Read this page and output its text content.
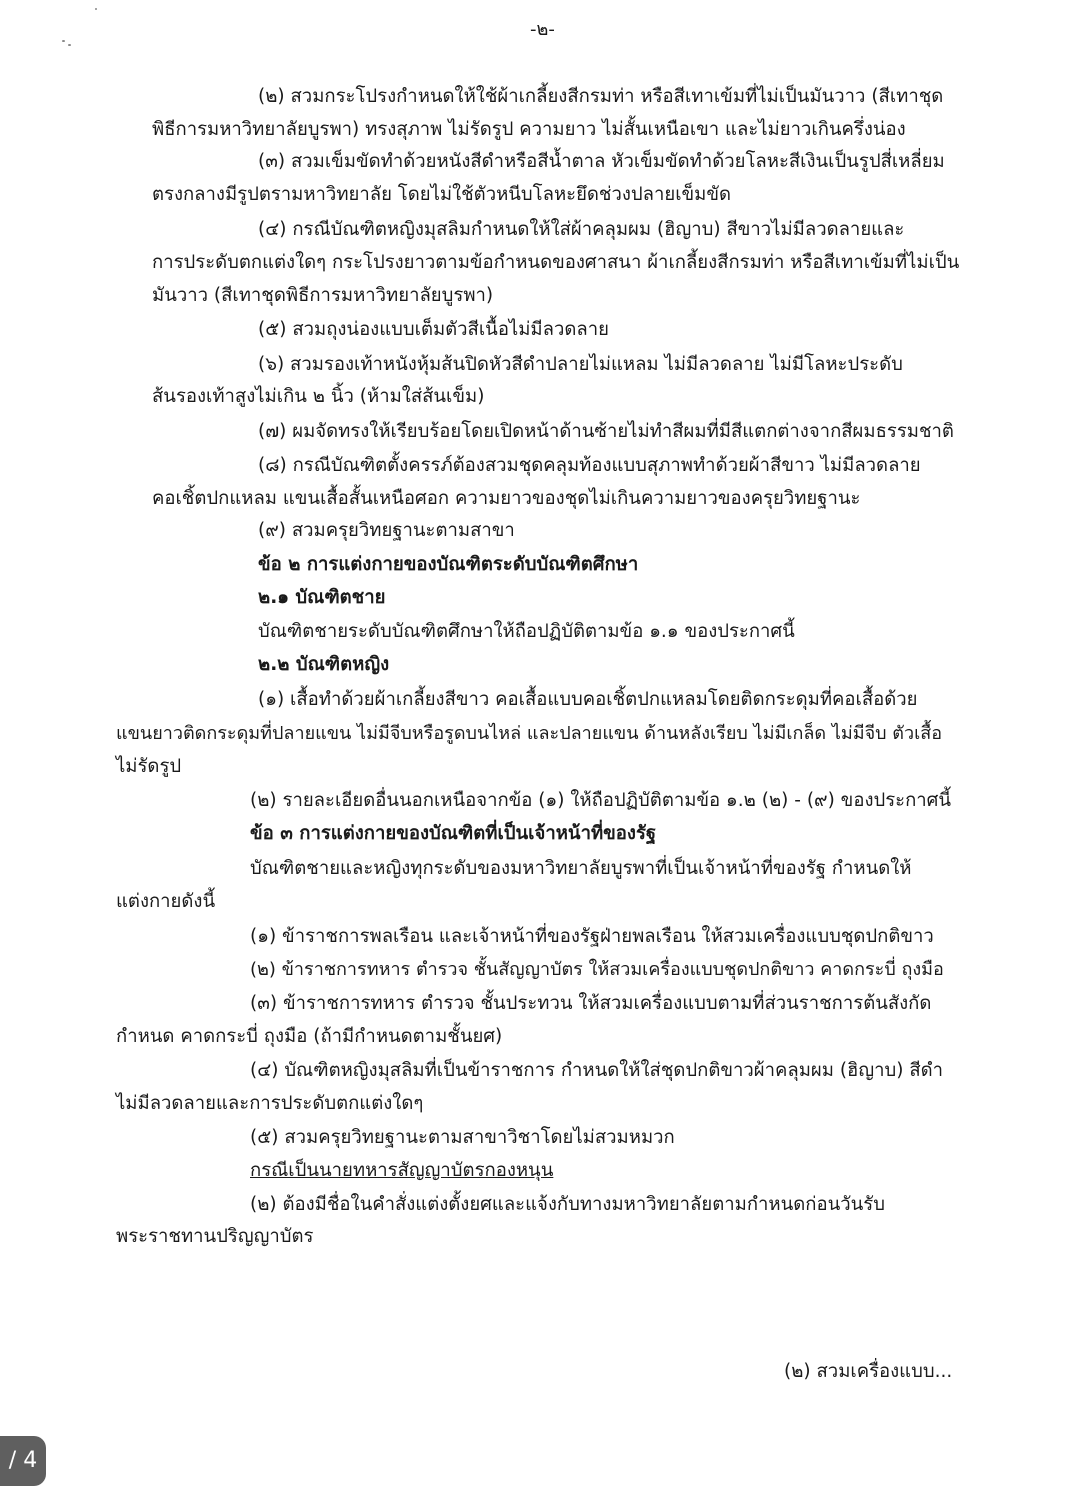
-๒-
(๒) สวมกระโปรงกำหนดให้ใช้ผ้าเกลี้ยงสีกรมท่า หรือสีเทาเข้มที่ไม่เป็นมันวาว (สีเทาชุด
พิธีการมหาวิทยาลัยบูรพา) ทรงสุภาพ ไม่รัดรูป ความยาว ไม่สั้นเหนือเขา และไม่ยาวเกินครึ่งน่อง
(๓) สวมเข็มขัดทำด้วยหนังสีดำหรือสีน้ำตาล หัวเข็มขัดทำด้วยโลหะสีเงินเป็นรูปสี่เหลี่ยม
ตรงกลางมีรูปตรามหาวิทยาลัย โดยไม่ใช้ตัวหนีบโลหะยึดช่วงปลายเข็มขัด
(๔) กรณีบัณฑิตหญิงมุสลิมกำหนดให้ใส่ผ้าคลุมผม (ฮิญาบ) สีขาวไม่มีลวดลายและ
การประดับตกแต่งใดๆ กระโปรงยาวตามข้อกำหนดของศาสนา ผ้าเกลี้ยงสีกรมท่า หรือสีเทาเข้มที่ไม่เป็น
มันวาว (สีเทาชุดพิธีการมหาวิทยาลัยบูรพา)
(๕) สวมถุงน่องแบบเต็มตัวสีเนื้อไม่มีลวดลาย
(๖) สวมรองเท้าหนังหุ้มส้นปิดหัวสีดำปลายไม่แหลม ไม่มีลวดลาย ไม่มีโลหะประดับ
ส้นรองเท้าสูงไม่เกิน ๒ นิ้ว (ห้ามใส่ส้นเข็ม)
(๗) ผมจัดทรงให้เรียบร้อยโดยเปิดหน้าด้านซ้ายไม่ทำสีผมที่มีสีแตกต่างจากสีผมธรรมชาติ
(๘) กรณีบัณฑิตตั้งครรภ์ต้องสวมชุดคลุมท้องแบบสุภาพทำด้วยผ้าสีขาว ไม่มีลวดลาย
คอเชิ้ตปกแหลม แขนเสื้อสั้นเหนือศอก ความยาวของชุดไม่เกินความยาวของครุยวิทยฐานะ
(๙) สวมครุยวิทยฐานะตามสาขา
ข้อ ๒ การแต่งกายของบัณฑิตระดับบัณฑิตศึกษา
๒.๑ บัณฑิตชาย
บัณฑิตชายระดับบัณฑิตศึกษาให้ถือปฏิบัติตามข้อ ๑.๑ ของประกาศนี้
๒.๒ บัณฑิตหญิง
(๑) เสื้อทำด้วยผ้าเกลี้ยงสีขาว คอเสื้อแบบคอเชิ้ตปกแหลมโดยติดกระดุมที่คอเสื้อด้วย
แขนยาวติดกระดุมที่ปลายแขน ไม่มีจีบหรือรูดบนไหล่ และปลายแขน ด้านหลังเรียบ ไม่มีเกล็ด ไม่มีจีบ ตัวเสื้อ
ไม่รัดรูป
(๒) รายละเอียดอื่นนอกเหนือจากข้อ (๑) ให้ถือปฏิบัติตามข้อ ๑.๒ (๒) - (๙) ของประกาศนี้
ข้อ ๓ การแต่งกายของบัณฑิตที่เป็นเจ้าหน้าที่ของรัฐ
บัณฑิตชายและหญิงทุกระดับของมหาวิทยาลัยบูรพาที่เป็นเจ้าหน้าที่ของรัฐ กำหนดให้
แต่งกายดังนี้
(๑) ข้าราชการพลเรือน และเจ้าหน้าที่ของรัฐฝ่ายพลเรือน ให้สวมเครื่องแบบชุดปกติขาว
(๒) ข้าราชการทหาร ตำรวจ ชั้นสัญญาบัตร ให้สวมเครื่องแบบชุดปกติขาว คาดกระบี่ ถุงมือ
(๓) ข้าราชการทหาร ตำรวจ ชั้นประทวน ให้สวมเครื่องแบบตามที่ส่วนราชการต้นสังกัด
กำหนด คาดกระบี่ ถุงมือ (ถ้ามีกำหนดตามชั้นยศ)
(๔) บัณฑิตหญิงมุสลิมที่เป็นข้าราชการ กำหนดให้ใส่ชุดปกติขาวผ้าคลุมผม (ฮิญาบ) สีดำ
ไม่มีลวดลายและการประดับตกแต่งใดๆ
(๕) สวมครุยวิทยฐานะตามสาขาวิชาโดยไม่สวมหมวก
กรณีเป็นนายทหารสัญญาบัตรกองหนุน
(๒) ต้องมีชื่อในคำสั่งแต่งตั้งยศและแจ้งกับทางมหาวิทยาลัยตามกำหนดก่อนวันรับ
พระราชทานปริญญาบัตร
(๒) สวมเครื่องแบบ...
/ 4
